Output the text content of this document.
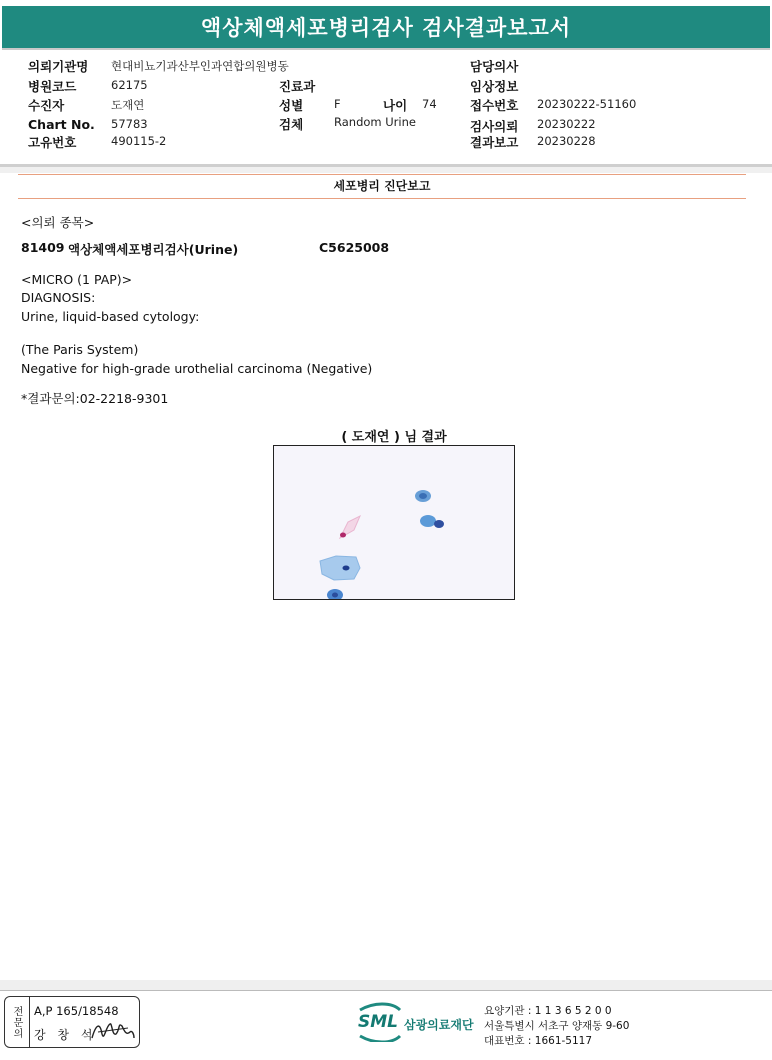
액상체액세포병리검사 검사결과보고서
의뢰기관명 현대비뇨기과산부인과연합의원병동
병원코드	62175
수진자	도재연
Chart No. 57783
고유번호	490115-2
진료과
성별	F	나이 74
검체	Random Urine
담당의사
임상정보
접수번호 20230222-51160
검사의뢰 20230222
결과보고 20230228
세포병리 진단보고
<의뢰 종목>
81409 액상체액세포병리검사(Urine)	C5625008
<MICRO (1 PAP)>
DIAGNOSIS:
Urine, liquid-based cytology:
(The Paris System)
Negative for high-grade urothelial carcinoma (Negative)
*결과문의:02-2218-9301
( 도재연 ) 님 결과
전문의	A,P 165/18548
강 창 석
SML 삼광의료재단
요양기관 : 1 1 3 6 5 2 0 0
서울특별시 서초구 양재동 9-60
대표번호 : 1661-5117
